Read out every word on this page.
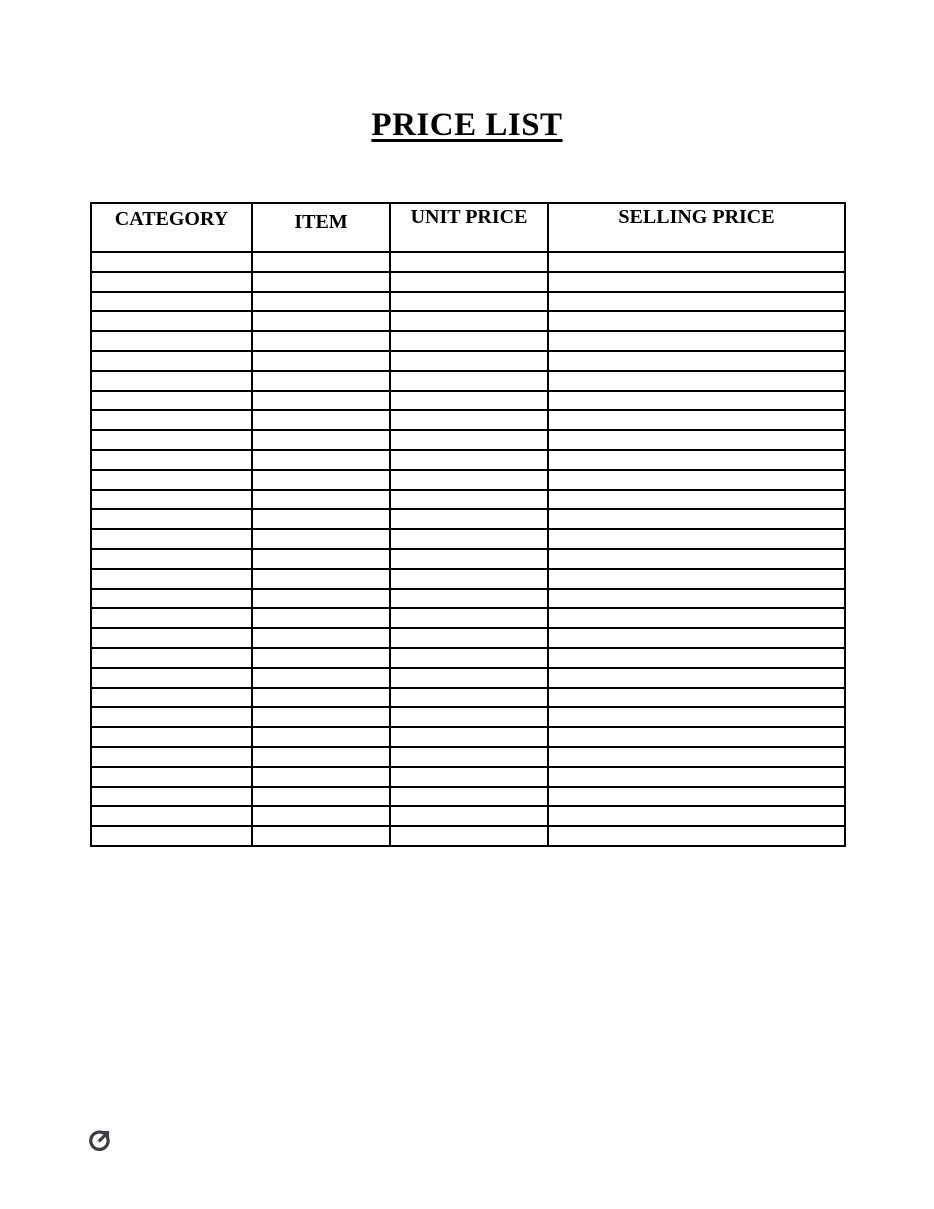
PRICE LIST
CATEGORY	ITEM	UNIT PRICE	SELLING PRICE
